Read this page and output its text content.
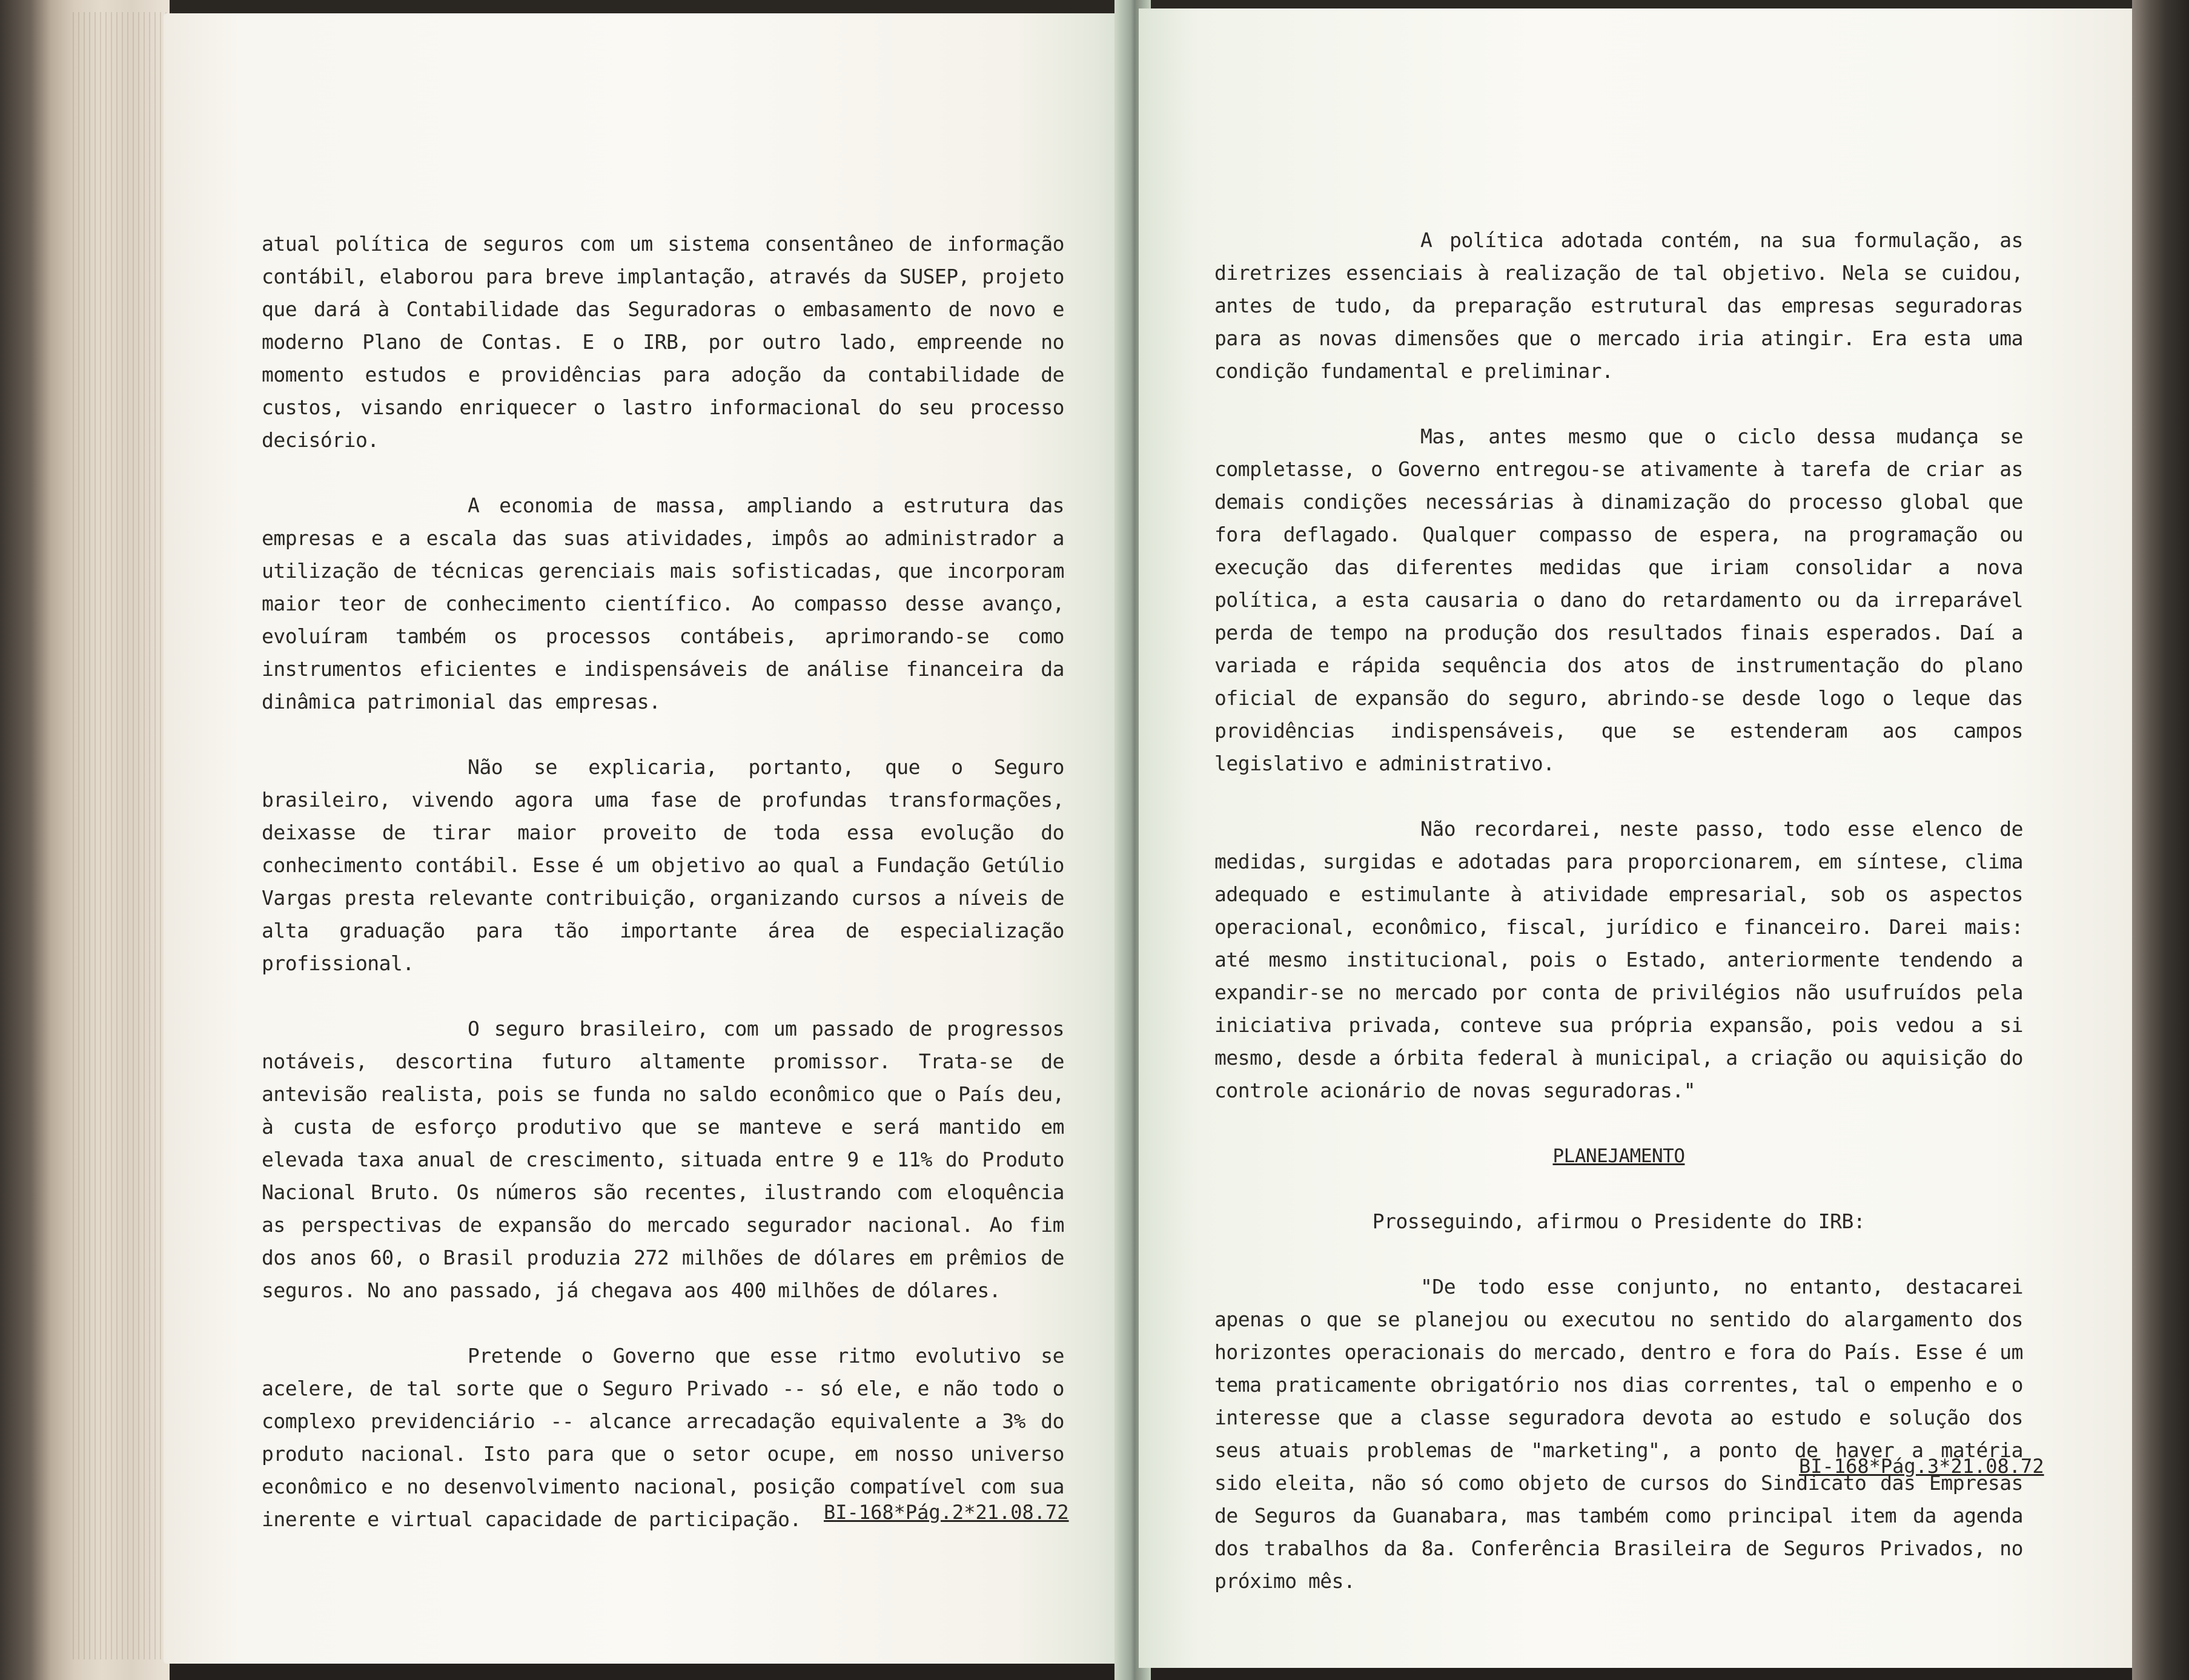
atual política de seguros com um sistema consentâneo de informação contábil, elaborou para breve implantação, através da SUSEP, projeto que dará à Contabilidade das Seguradoras o embasamento de novo e moderno Plano de Contas. E o IRB, por outro lado, empreende no momento estudos e providências para adoção da contabilidade de custos, visando enriquecer o lastro informacional do seu processo decisório.

A economia de massa, ampliando a estrutura das empresas e a escala das suas atividades, impôs ao administrador a utilização de técnicas gerenciais mais sofisticadas, que incorporam maior teor de conhecimento científico. Ao compasso desse avanço, evoluíram também os processos contábeis, aprimorando-se como instrumentos eficientes e indispensáveis de análise financeira da dinâmica patrimonial das empresas.

Não se explicaria, portanto, que o Seguro brasileiro, vivendo agora uma fase de profundas transformações, deixasse de tirar maior proveito de toda essa evolução do conhecimento contábil. Esse é um objetivo ao qual a Fundação Getúlio Vargas presta relevante contribuição, organizando cursos a níveis de alta graduação para tão importante área de especialização profissional.

O seguro brasileiro, com um passado de progressos notáveis, descortina futuro altamente promissor. Trata-se de antevisão realista, pois se funda no saldo econômico que o País deu, à custa de esforço produtivo que se manteve e será mantido em elevada taxa anual de crescimento, situada entre 9 e 11% do Produto Nacional Bruto. Os números são recentes, ilustrando com eloquência as perspectivas de expansão do mercado segurador nacional. Ao fim dos anos 60, o Brasil produzia 272 milhões de dólares em prêmios de seguros. No ano passado, já chegava aos 400 milhões de dólares.

Pretende o Governo que esse ritmo evolutivo se acelere, de tal sorte que o Seguro Privado -- só ele, e não todo o complexo previdenciário -- alcance arrecadação equivalente a 3% do produto nacional. Isto para que o setor ocupe, em nosso universo econômico e no desenvolvimento nacional, posição compatível com sua inerente e virtual capacidade de participação.	BI-168*Pág.2*21.08.72

A política adotada contém, na sua formulação, as diretrizes essenciais à realização de tal objetivo. Nela se cuidou, antes de tudo, da preparação estrutural das empresas seguradoras para as novas dimensões que o mercado iria atingir. Era esta uma condição fundamental e preliminar.

Mas, antes mesmo que o ciclo dessa mudança se completasse, o Governo entregou-se ativamente à tarefa de criar as demais condições necessárias à dinamização do processo global que fora deflagado. Qualquer compasso de espera, na programação ou execução das diferentes medidas que iriam consolidar a nova política, a esta causaria o dano do retardamento ou da irreparável perda de tempo na produção dos resultados finais esperados. Daí a variada e rápida sequência dos atos de instrumentação do plano oficial de expansão do seguro, abrindo-se desde logo o leque das providências indispensáveis, que se estenderam aos campos legislativo e administrativo.

Não recordarei, neste passo, todo esse elenco de medidas, surgidas e adotadas para proporcionarem, em síntese, clima adequado e estimulante à atividade empresarial, sob os aspectos operacional, econômico, fiscal, jurídico e financeiro. Darei mais: até mesmo institucional, pois o Estado, anteriormente tendendo a expandir-se no mercado por conta de privilégios não usufruídos pela iniciativa privada, conteve sua própria expansão, pois vedou a si mesmo, desde a órbita federal à municipal, a criação ou aquisição do controle acionário de novas seguradoras."

PLANEJAMENTO

Prosseguindo, afirmou o Presidente do IRB:

"De todo esse conjunto, no entanto, destacarei apenas o que se planejou ou executou no sentido do alargamento dos horizontes operacionais do mercado, dentro e fora do País. Esse é um tema praticamente obrigatório nos dias correntes, tal o empenho e o interesse que a classe seguradora devota ao estudo e solução dos seus atuais problemas de "marketing", a ponto de haver a matéria sido eleita, não só como objeto de cursos do Sindicato das Empresas de Seguros da Guanabara, mas também como principal item da agenda dos trabalhos da 8a. Conferência Brasileira de Seguros Privados, no próximo mês.

BI-168*Pág.3*21.08.72
